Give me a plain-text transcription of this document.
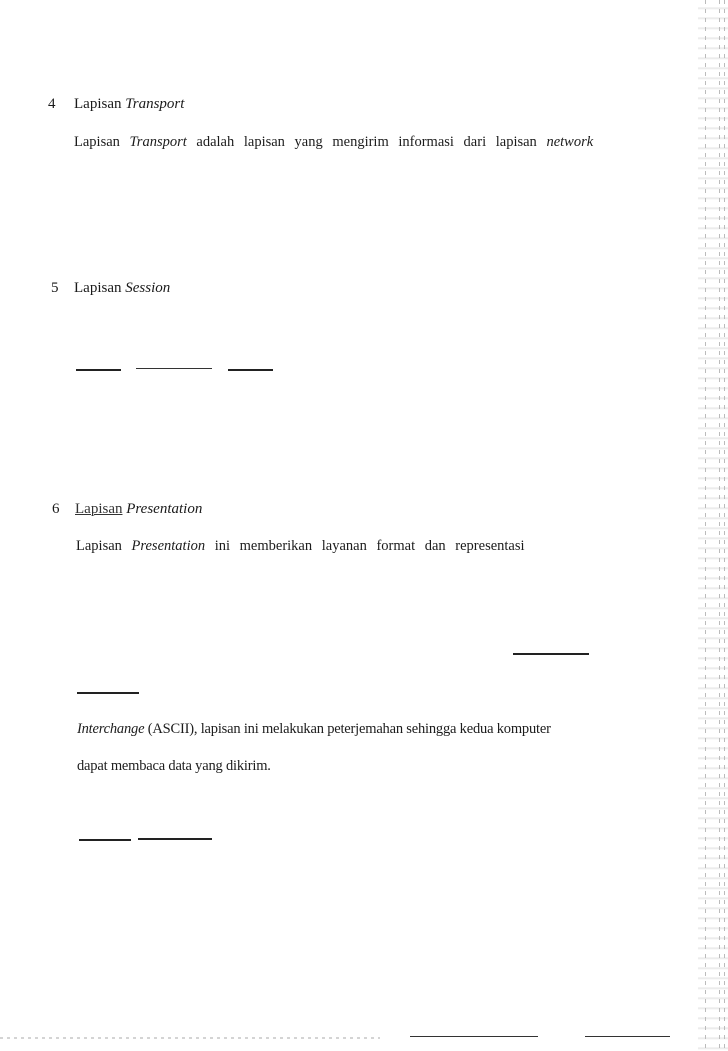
4 Lapisan Transport

Lapisan Transport adalah lapisan yang mengirim informasi dari lapisan network

5 Lapisan Session
6 Lapisan Presentation

Lapisan Presentation ini memberikan layanan format dan representasi

Interchange (ASCII), lapisan ini melakukan peterjemahan sehingga kedua komputer

dapat membaca data yang dikirim.
